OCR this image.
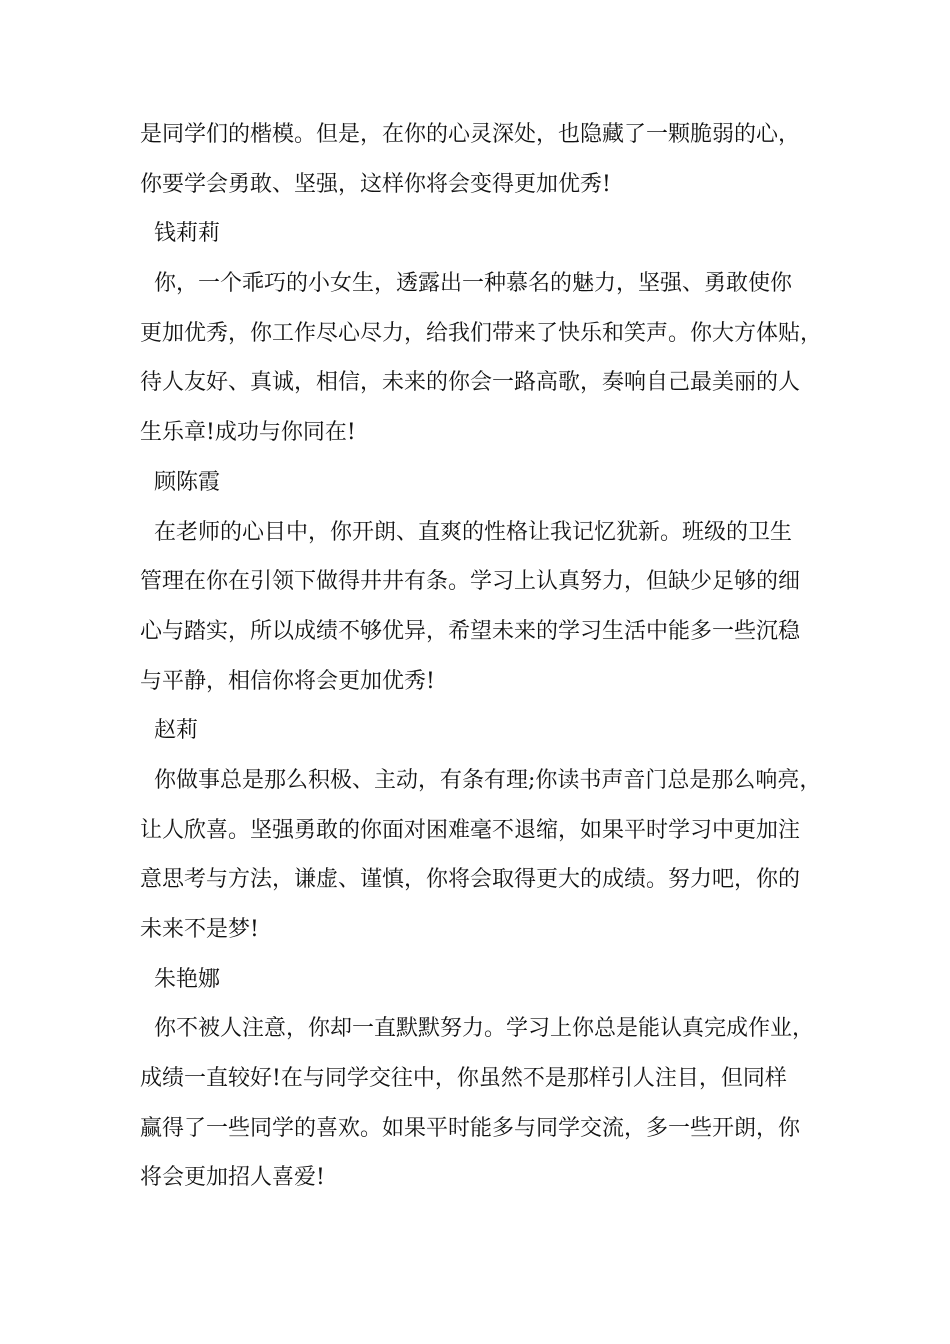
是同学们的楷模。但是，在你的心灵深处，也隐藏了一颗脆弱的心，
你要学会勇敢、坚强，这样你将会变得更加优秀!
钱莉莉
你，一个乖巧的小女生，透露出一种慕名的魅力，坚强、勇敢使你
更加优秀，你工作尽心尽力，给我们带来了快乐和笑声。你大方体贴，
待人友好、真诚，相信，未来的你会一路高歌，奏响自己最美丽的人
生乐章!成功与你同在!
顾陈霞
在老师的心目中，你开朗、直爽的性格让我记忆犹新。班级的卫生
管理在你在引领下做得井井有条。学习上认真努力，但缺少足够的细
心与踏实，所以成绩不够优异，希望未来的学习生活中能多一些沉稳
与平静，相信你将会更加优秀!
赵莉
你做事总是那么积极、主动，有条有理;你读书声音门总是那么响亮，
让人欣喜。坚强勇敢的你面对困难毫不退缩，如果平时学习中更加注
意思考与方法，谦虚、谨慎，你将会取得更大的成绩。努力吧，你的
未来不是梦!
朱艳娜
你不被人注意，你却一直默默努力。学习上你总是能认真完成作业，
成绩一直较好!在与同学交往中，你虽然不是那样引人注目，但同样
赢得了一些同学的喜欢。如果平时能多与同学交流，多一些开朗，你
将会更加招人喜爱!
